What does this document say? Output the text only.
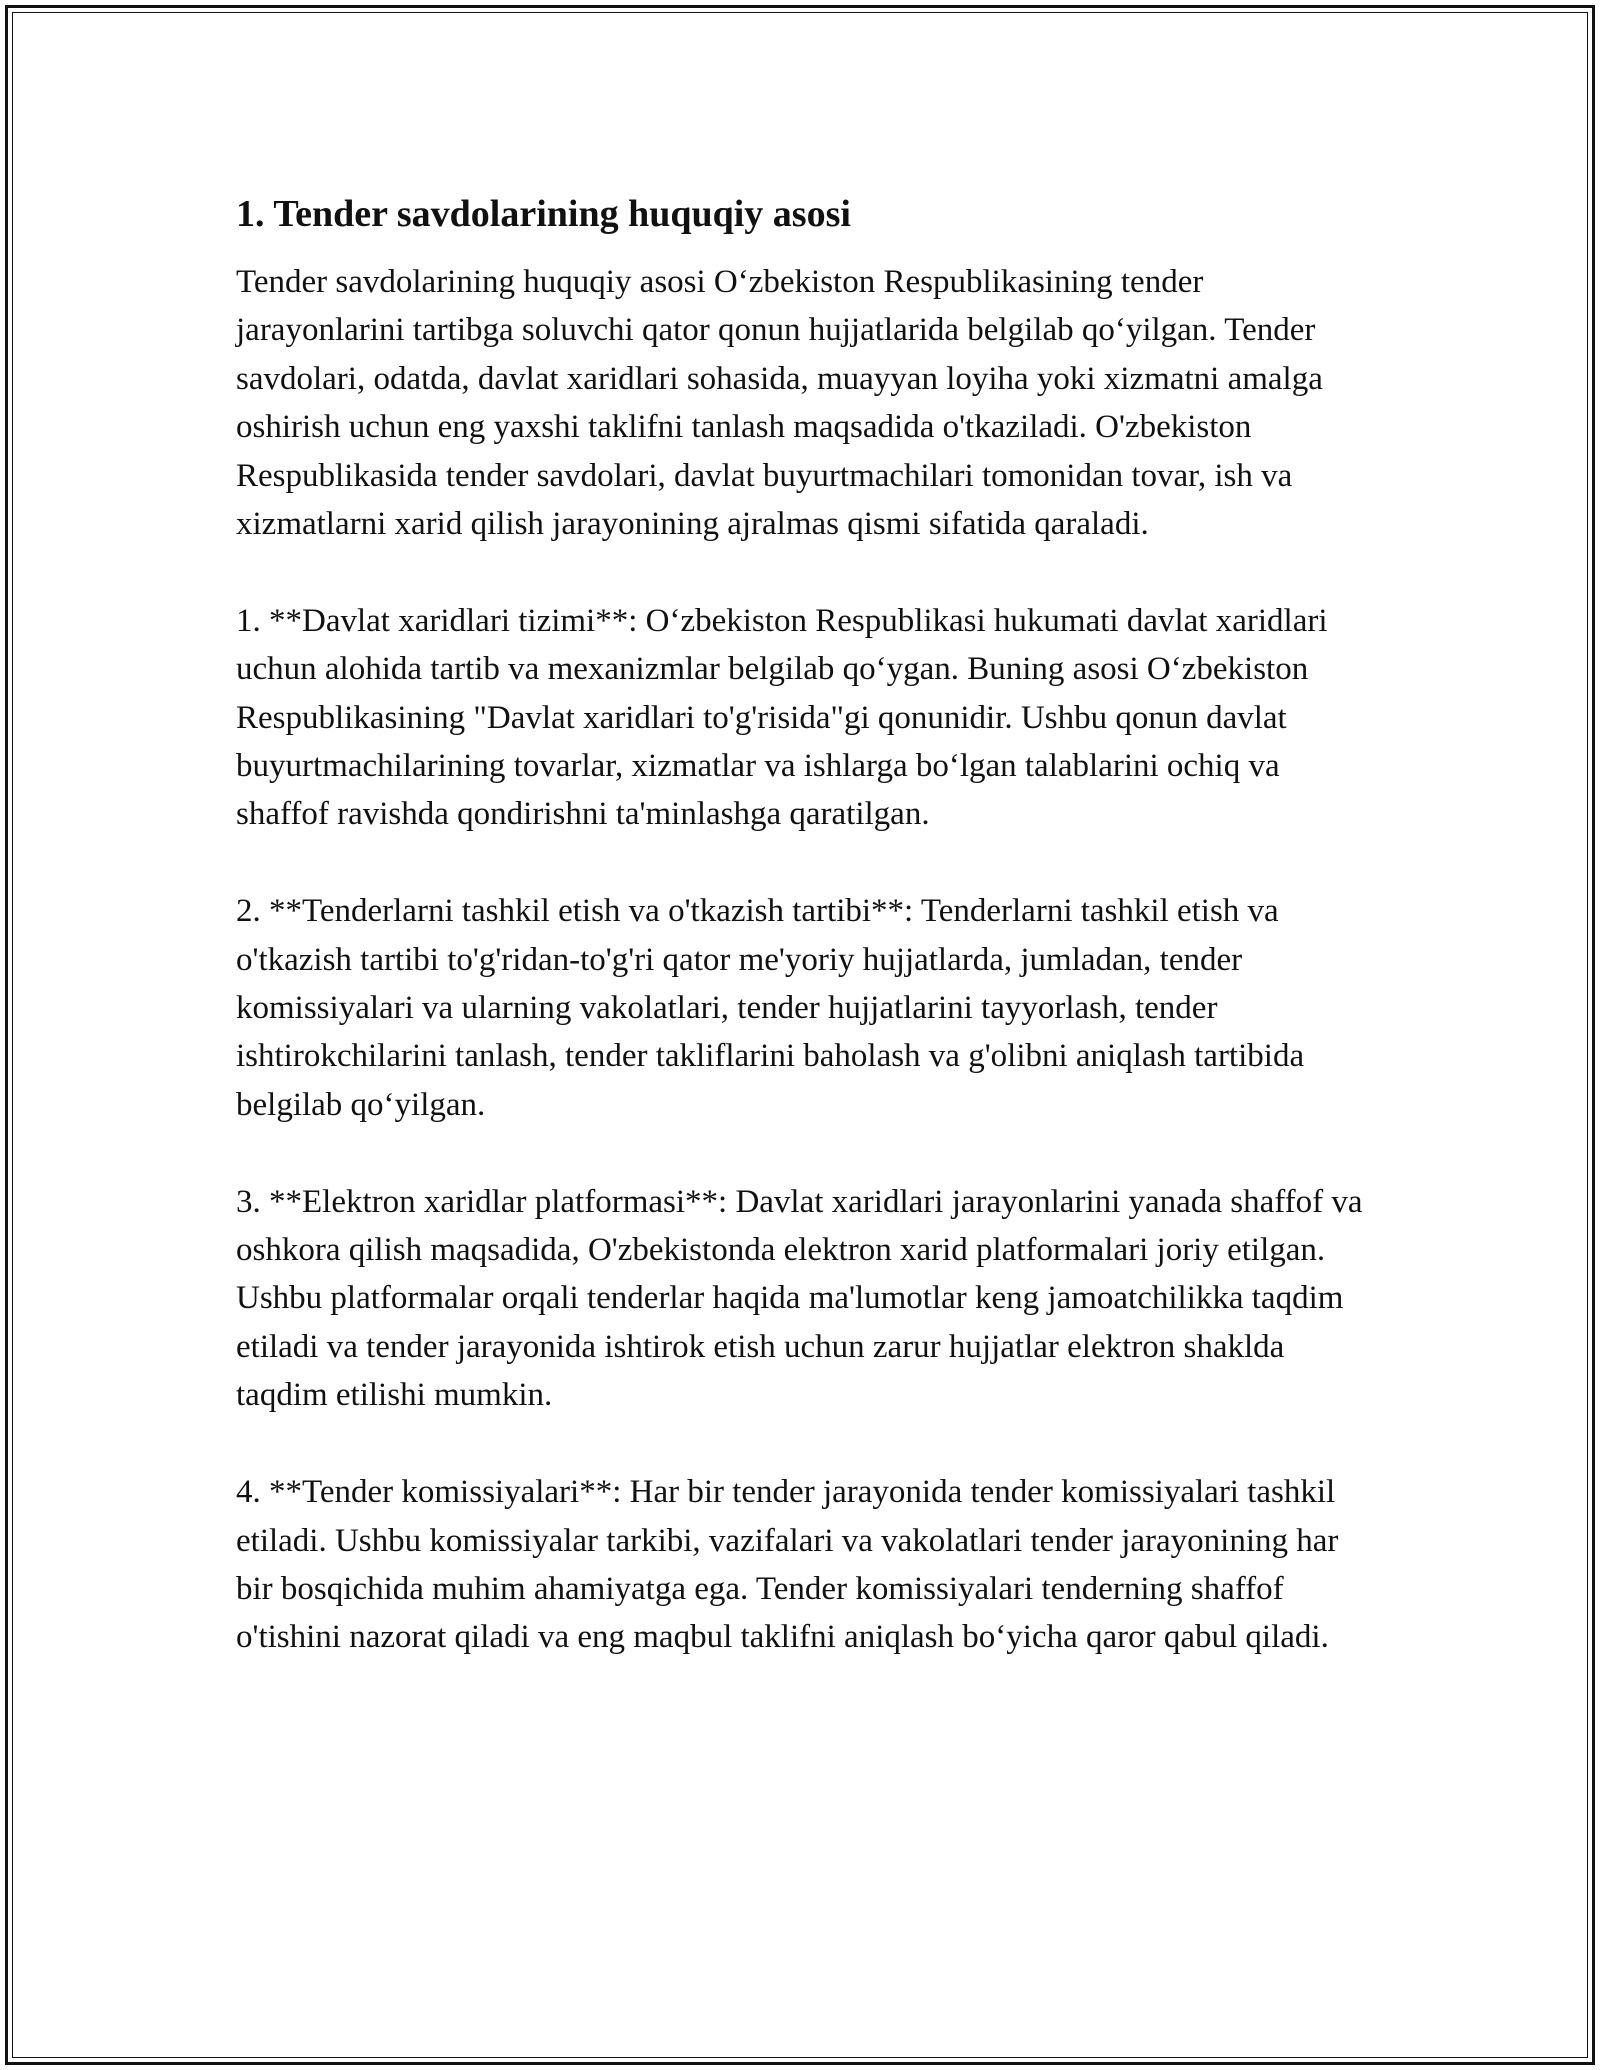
1. Tender savdolarining huquqiy asosi

Tender savdolarining huquqiy asosi O‘zbekiston Respublikasining tender jarayonlarini tartibga soluvchi qator qonun hujjatlarida belgilab qo‘yilgan. Tender savdolari, odatda, davlat xaridlari sohasida, muayyan loyiha yoki xizmatni amalga oshirish uchun eng yaxshi taklifni tanlash maqsadida o'tkaziladi. O'zbekiston Respublikasida tender savdolari, davlat buyurtmachilari tomonidan tovar, ish va xizmatlarni xarid qilish jarayonining ajralmas qismi sifatida qaraladi.

1. **Davlat xaridlari tizimi**: O‘zbekiston Respublikasi hukumati davlat xaridlari uchun alohida tartib va mexanizmlar belgilab qo‘ygan. Buning asosi O‘zbekiston Respublikasining "Davlat xaridlari to'g'risida"gi qonunidir. Ushbu qonun davlat buyurtmachilarining tovarlar, xizmatlar va ishlarga bo‘lgan talablarini ochiq va shaffof ravishda qondirishni ta'minlashga qaratilgan.

2. **Tenderlarni tashkil etish va o'tkazish tartibi**: Tenderlarni tashkil etish va o'tkazish tartibi to'g'ridan-to'g'ri qator me'yoriy hujjatlarda, jumladan, tender komissiyalari va ularning vakolatlari, tender hujjatlarini tayyorlash, tender ishtirokchilarini tanlash, tender takliflarini baholash va g'olibni aniqlash tartibida belgilab qo‘yilgan.

3. **Elektron xaridlar platformasi**: Davlat xaridlari jarayonlarini yanada shaffof va oshkora qilish maqsadida, O'zbekistonda elektron xarid platformalari joriy etilgan. Ushbu platformalar orqali tenderlar haqida ma'lumotlar keng jamoatchilikka taqdim etiladi va tender jarayonida ishtirok etish uchun zarur hujjatlar elektron shaklda taqdim etilishi mumkin.

4. **Tender komissiyalari**: Har bir tender jarayonida tender komissiyalari tashkil etiladi. Ushbu komissiyalar tarkibi, vazifalari va vakolatlari tender jarayonining har bir bosqichida muhim ahamiyatga ega. Tender komissiyalari tenderning shaffof o'tishini nazorat qiladi va eng maqbul taklifni aniqlash bo‘yicha qaror qabul qiladi.
